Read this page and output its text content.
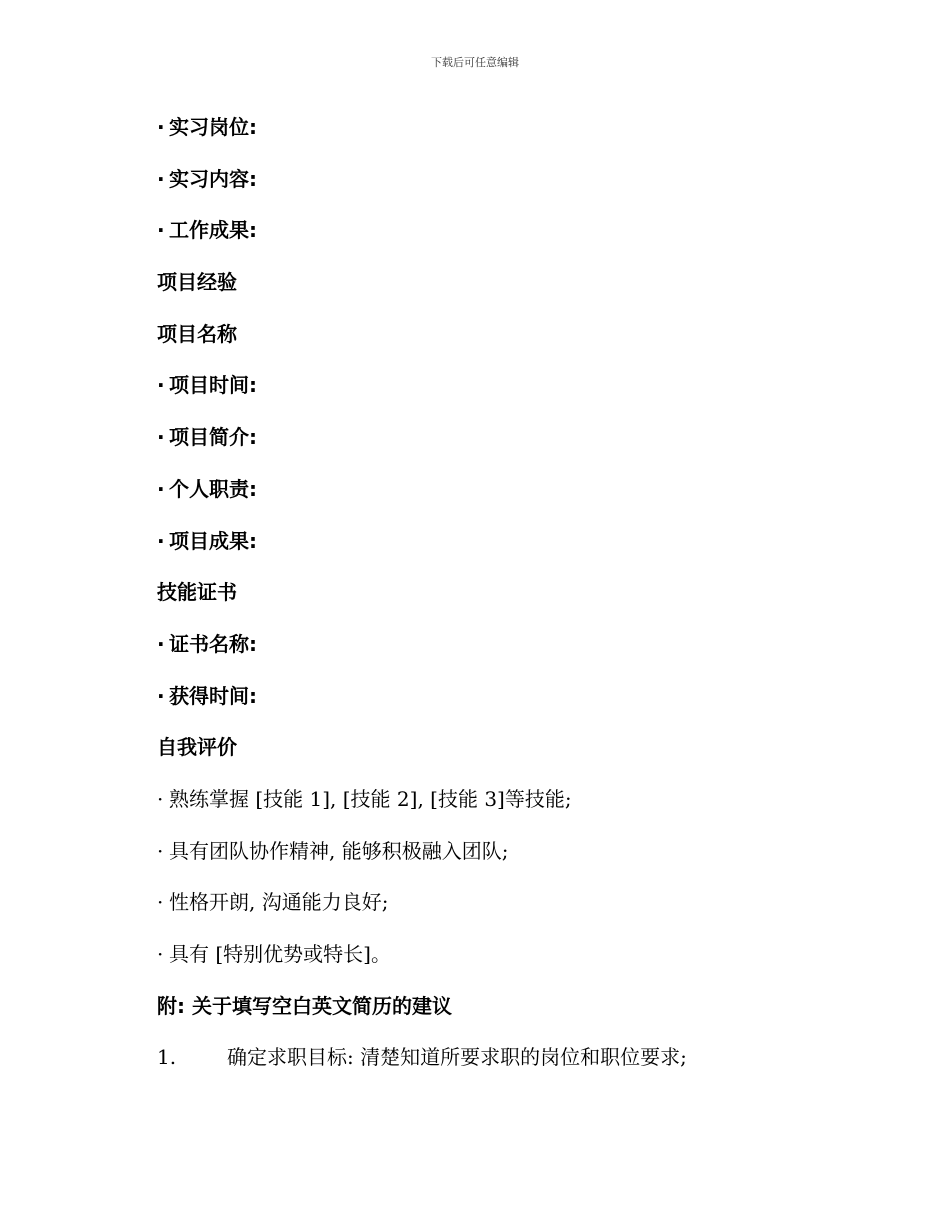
下载后可任意编辑
· 实习岗位:
· 实习内容:
· 工作成果:
项目经验
项目名称
· 项目时间:
· 项目简介:
· 个人职责:
· 项目成果:
技能证书
· 证书名称:
· 获得时间:
自我评价
· 熟练掌握 [技能 1], [技能 2], [技能 3]等技能;
· 具有团队协作精神, 能够积极融入团队;
· 性格开朗, 沟通能力良好;
· 具有 [特别优势或特长]。
附: 关于填写空白英文简历的建议
1.	确定求职目标: 清楚知道所要求职的岗位和职位要求;
